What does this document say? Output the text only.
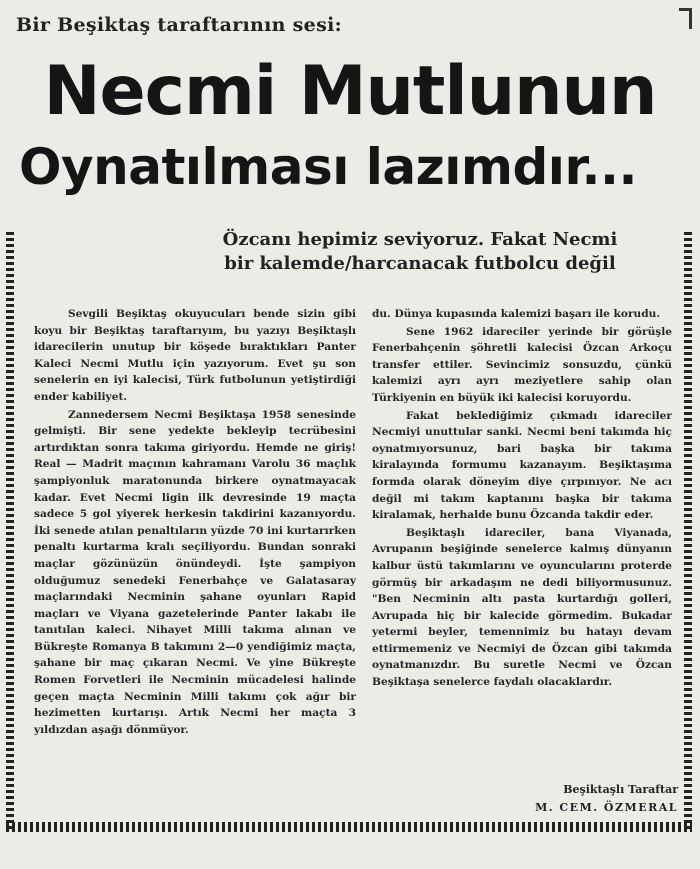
Bir Beşiktaş taraftarının sesi:
Necmi Mutlunun
Oynatılması lazımdır...
Özcanı hepimiz seviyoruz. Fakat Necmi
bir kalemde/harcanacak futbolcu değil

Sevgili Beşiktaş okuyucuları bende sizin gibi koyu bir Beşiktaş taraftarıyım, bu yazıyı Beşiktaşlı idarecilerin unutup bir köşede bıraktıkları Panter Kaleci Necmi Mutlu için yazıyorum. Evet şu son senelerin en iyi kalecisi, Türk futbolunun yetiştirdiği ender kabiliyet.

Zannedersem Necmi Beşiktaşa 1958 senesinde gelmişti. Bir sene yedekte bekleyip tecrübesini artırdıktan sonra takıma giriyordu. Hemde ne giriş! Real — Madrit maçının kahramanı Varolu 36 maçlık şampiyonluk maratonunda birkere oynatmayacak kadar. Evet Necmi ligin ilk devresinde 19 maçta sadece 5 gol yiyerek herkesin takdirini kazanıyordu. İki senede atılan penaltıların yüzde 70 ini kurtarırken penaltı kurtarma kralı seçiliyordu. Bundan sonraki maçlar gözünüzün önündeydi. İşte şampiyon olduğumuz senedeki Fenerbahçe ve Galatasaray maçlarındaki Necminin şahane oyunları Rapid maçları ve Viyana gazetelerinde Panter lakabı ile tanıtılan kaleci. Nihayet Milli takıma alınan ve Bükreşte Romanya B takımını 2—0 yendiğimiz maçta, şahane bir maç çıkaran Necmi. Ve yine Bükreşte Romen Forvetleri ile Necminin mücadelesi halinde geçen maçta Necminin Milli takımı çok ağır bir hezimetten kurtarışı. Artık Necmi her maçta 3 yıldızdan aşağı dönmüyor.

du. Dünya kupasında kalemizi başarı ile korudu.

Sene 1962 idareciler yerinde bir görüşle Fenerbahçenin şöhretli kalecisi Özcan Arkoçu transfer ettiler. Sevincimiz sonsuzdu, çünkü kalemizi ayrı ayrı meziyetlere sahip olan Türkiyenin en büyük iki kalecisi koruyordu.

Fakat beklediğimiz çıkmadı idareciler Necmiyi unuttular sanki. Necmi beni takımda hiç oynatmıyorsunuz, bari başka bir takıma kiralayında formumu kazanayım. Beşiktaşıma formda olarak döneyim diye çırpınıyor. Ne acı değil mi takım kaptanını başka bir takıma kiralamak, herhalde bunu Özcanda takdir eder.

Beşiktaşlı idareciler, bana Viyanada, Avrupanın beşiğinde senelerce kalmış dünyanın kalbur üstü takımlarını ve oyuncularını proterde görmüş bir arkadaşım ne dedi biliyormusunuz. "Ben Necminin altı pasta kurtardığı golleri, Avrupada hiç bir kalecide görmedim. Bukadar yetermi beyler, temennimiz bu hatayı devam ettirmemeniz ve Necmiyi de Özcan gibi takımda oynatmanızdır. Bu suretle Necmi ve Özcan Beşiktaşa senelerce faydalı olacaklardır.

Beşiktaşlı Taraftar
M. CEM. ÖZMERAL
